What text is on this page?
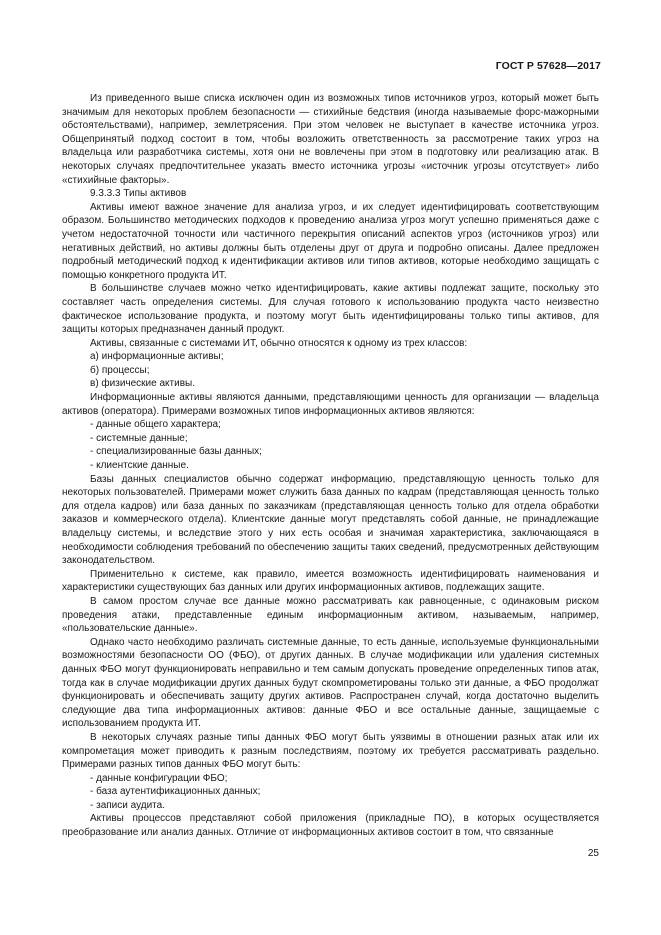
ГОСТ Р 57628—2017

Из приведенного выше списка исключен один из возможных типов источников угроз, который может быть значимым для некоторых проблем безопасности — стихийные бедствия (иногда называемые форс-мажорными обстоятельствами), например, землетрясения. При этом человек не выступает в качестве источника угроз. Общепринятый подход состоит в том, чтобы возложить ответственность за рассмотрение таких угроз на владельца или разработчика системы, хотя они не вовлечены при этом в подготовку или реализацию атак. В некоторых случаях предпочтительнее указать вместо источника угрозы «источник угрозы отсутствует» либо «стихийные факторы».

9.3.3.3 Типы активов

Активы имеют важное значение для анализа угроз, и их следует идентифицировать соответствующим образом. Большинство методических подходов к проведению анализа угроз могут успешно применяться даже с учетом недостаточной точности или частичного перекрытия описаний аспектов угроз (источников угроз) или негативных действий, но активы должны быть отделены друг от друга и подробно описаны. Далее предложен подробный методический подход к идентификации активов или типов активов, которые необходимо защищать с помощью конкретного продукта ИТ.

В большинстве случаев можно четко идентифицировать, какие активы подлежат защите, поскольку это составляет часть определения системы. Для случая готового к использованию продукта часто неизвестно фактическое использование продукта, и поэтому могут быть идентифицированы только типы активов, для защиты которых предназначен данный продукт.

Активы, связанные с системами ИТ, обычно относятся к одному из трех классов:

а) информационные активы;

б) процессы;

в) физические активы.

Информационные активы являются данными, представляющими ценность для организации — владельца активов (оператора). Примерами возможных типов информационных активов являются:

- данные общего характера;

- системные данные;

- специализированные базы данных;

- клиентские данные.

Базы данных специалистов обычно содержат информацию, представляющую ценность только для некоторых пользователей. Примерами может служить база данных по кадрам (представляющая ценность только для отдела кадров) или база данных по заказчикам (представляющая ценность только для отдела обработки заказов и коммерческого отдела). Клиентские данные могут представлять собой данные, не принадлежащие владельцу системы, и вследствие этого у них есть особая и значимая характеристика, заключающаяся в необходимости соблюдения требований по обеспечению защиты таких сведений, предусмотренных действующим законодательством.

Применительно к системе, как правило, имеется возможность идентифицировать наименования и характеристики существующих баз данных или других информационных активов, подлежащих защите.

В самом простом случае все данные можно рассматривать как равноценные, с одинаковым риском проведения атаки, представленные единым информационным активом, называемым, например, «пользовательские данные».

Однако часто необходимо различать системные данные, то есть данные, используемые функциональными возможностями безопасности ОО (ФБО), от других данных. В случае модификации или удаления системных данных ФБО могут функционировать неправильно и тем самым допускать проведение определенных типов атак, тогда как в случае модификации других данных будут скомпрометированы только эти данные, а ФБО продолжат функционировать и обеспечивать защиту других активов. Распространен случай, когда достаточно выделить следующие два типа информационных активов: данные ФБО и все остальные данные, защищаемые с использованием продукта ИТ.

В некоторых случаях разные типы данных ФБО могут быть уязвимы в отношении разных атак или их компрометация может приводить к разным последствиям, поэтому их требуется рассматривать раздельно. Примерами разных типов данных ФБО могут быть:

- данные конфигурации ФБО;

- база аутентификационных данных;

- записи аудита.

Активы процессов представляют собой приложения (прикладные ПО), в которых осуществляется преобразование или анализ данных. Отличие от информационных активов состоит в том, что связанные

25
